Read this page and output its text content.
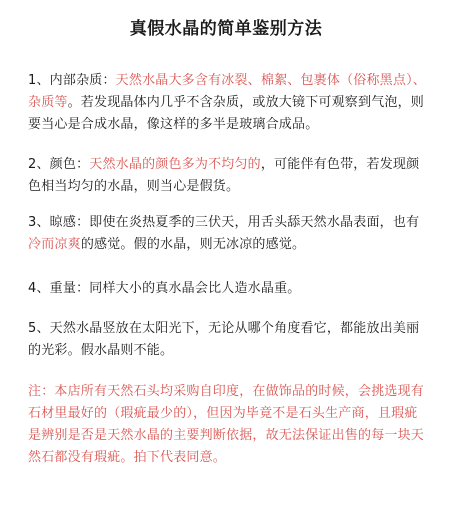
真假水晶的简单鉴别方法
1、内部杂质：天然水晶大多含有冰裂、棉絮、包裹体（俗称黑点）、杂质等。若发现晶体内几乎不含杂质，或放大镜下可观察到气泡，则要当心是合成水晶，像这样的多半是玻璃合成品。
2、颜色：天然水晶的颜色多为不均匀的，可能伴有色带，若发现颜色相当均匀的水晶，则当心是假货。
3、晾感：即使在炎热夏季的三伏天，用舌头舔天然水晶表面，也有冷而凉爽的感觉。假的水晶，则无冰凉的感觉。
4、重量：同样大小的真水晶会比人造水晶重。
5、天然水晶竖放在太阳光下，无论从哪个角度看它，都能放出美丽的光彩。假水晶则不能。
注：本店所有天然石头均采购自印度，在做饰品的时候，会挑选现有石材里最好的（瑕疵最少的），但因为毕竟不是石头生产商，且瑕疵是辨别是否是天然水晶的主要判断依据，故无法保证出售的每一块天然石都没有瑕疵。拍下代表同意。
